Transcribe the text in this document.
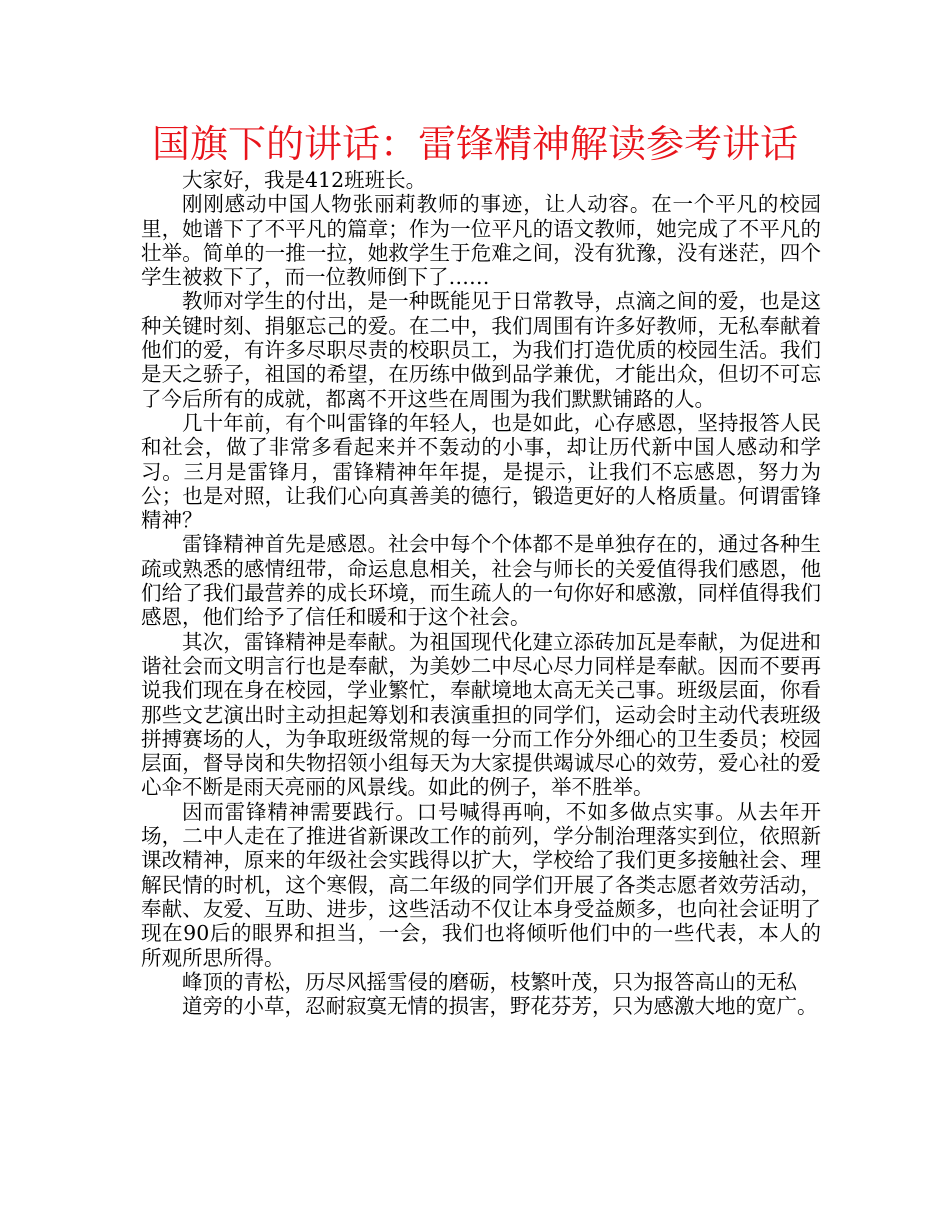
国旗下的讲话：雷锋精神解读参考讲话

大家好，我是412班班长。

刚刚感动中国人物张丽莉教师的事迹，让人动容。在一个平凡的校园里，她谱下了不平凡的篇章；作为一位平凡的语文教师，她完成了不平凡的壮举。简单的一推一拉，她救学生于危难之间，没有犹豫，没有迷茫，四个学生被救下了，而一位教师倒下了……

教师对学生的付出，是一种既能见于日常教导，点滴之间的爱，也是这种关键时刻、捐躯忘己的爱。在二中，我们周围有许多好教师，无私奉献着他们的爱，有许多尽职尽责的校职员工，为我们打造优质的校园生活。我们是天之骄子，祖国的希望，在历练中做到品学兼优，才能出众，但切不可忘了今后所有的成就，都离不开这些在周围为我们默默铺路的人。

几十年前，有个叫雷锋的年轻人，也是如此，心存感恩，坚持报答人民和社会，做了非常多看起来并不轰动的小事，却让历代新中国人感动和学习。三月是雷锋月，雷锋精神年年提，是提示，让我们不忘感恩，努力为公；也是对照，让我们心向真善美的德行，锻造更好的人格质量。何谓雷锋精神？

雷锋精神首先是感恩。社会中每个个体都不是单独存在的，通过各种生疏或熟悉的感情纽带，命运息息相关，社会与师长的关爱值得我们感恩，他们给了我们最营养的成长环境，而生疏人的一句你好和感激，同样值得我们感恩，他们给予了信任和暖和于这个社会。

其次，雷锋精神是奉献。为祖国现代化建立添砖加瓦是奉献，为促进和谐社会而文明言行也是奉献，为美妙二中尽心尽力同样是奉献。因而不要再说我们现在身在校园，学业繁忙，奉献境地太高无关己事。班级层面，你看那些文艺演出时主动担起筹划和表演重担的同学们，运动会时主动代表班级拼搏赛场的人，为争取班级常规的每一分而工作分外细心的卫生委员；校园层面，督导岗和失物招领小组每天为大家提供竭诚尽心的效劳，爱心社的爱心伞不断是雨天亮丽的风景线。如此的例子，举不胜举。

因而雷锋精神需要践行。口号喊得再响，不如多做点实事。从去年开场，二中人走在了推进省新课改工作的前列，学分制治理落实到位，依照新课改精神，原来的年级社会实践得以扩大，学校给了我们更多接触社会、理解民情的时机，这个寒假，高二年级的同学们开展了各类志愿者效劳活动，奉献、友爱、互助、进步，这些活动不仅让本身受益颇多，也向社会证明了现在90后的眼界和担当，一会，我们也将倾听他们中的一些代表，本人的所观所思所得。

峰顶的青松，历尽风摇雪侵的磨砺，枝繁叶茂，只为报答高山的无私

道旁的小草，忍耐寂寞无情的损害，野花芬芳，只为感激大地的宽广。
